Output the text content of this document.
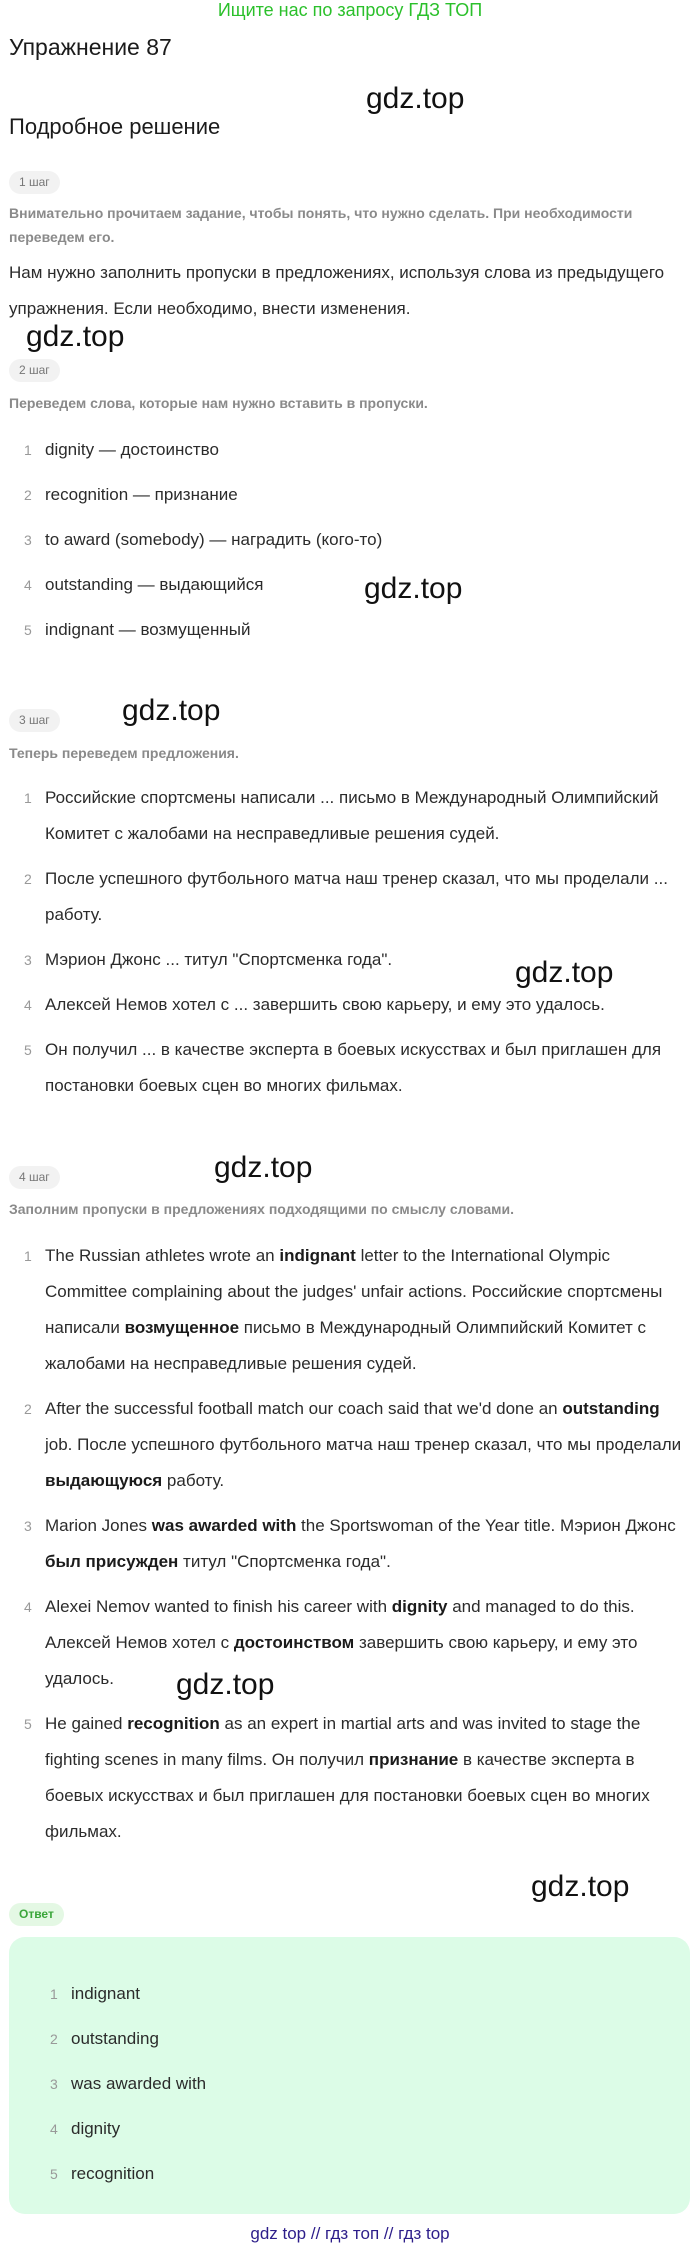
Ищите нас по запросу ГДЗ ТОП
Упражнение 87
Подробное решение
gdz.top
gdz.top
gdz.top
gdz.top
gdz.top
gdz.top
gdz.top
gdz.top
1 шаг
Внимательно прочитаем задание, чтобы понять, что нужно сделать. При необходимости переведем его.
Нам нужно заполнить пропуски в предложениях, используя слова из предыдущего упражнения. Если необходимо, внести изменения.
2 шаг
Переведем слова, которые нам нужно вставить в пропуски.
1 dignity — достоинство
2 recognition — признание
3 to award (somebody) — наградить (кого-то)
4 outstanding — выдающийся
5 indignant — возмущенный
3 шаг
Теперь переведем предложения.
1 Российские спортсмены написали ... письмо в Международный Олимпийский Комитет с жалобами на несправедливые решения судей.
2 После успешного футбольного матча наш тренер сказал, что мы проделали ... работу.
3 Мэрион Джонс ... титул "Спортсменка года".
4 Алексей Немов хотел с ... завершить свою карьеру, и ему это удалось.
5 Он получил ... в качестве эксперта в боевых искусствах и был приглашен для постановки боевых сцен во многих фильмах.
4 шаг
Заполним пропуски в предложениях подходящими по смыслу словами.
1 The Russian athletes wrote an indignant letter to the International Olympic Committee complaining about the judges' unfair actions. Российские спортсмены написали возмущенное письмо в Международный Олимпийский Комитет с жалобами на несправедливые решения судей.
2 After the successful football match our coach said that we'd done an outstanding job. После успешного футбольного матча наш тренер сказал, что мы проделали выдающуюся работу.
3 Marion Jones was awarded with the Sportswoman of the Year title. Мэрион Джонс был присужден титул "Спортсменка года".
4 Alexei Nemov wanted to finish his career with dignity and managed to do this. Алексей Немов хотел с достоинством завершить свою карьеру, и ему это удалось.
5 He gained recognition as an expert in martial arts and was invited to stage the fighting scenes in many films. Он получил признание в качестве эксперта в боевых искусствах и был приглашен для постановки боевых сцен во многих фильмах.
Ответ
1 indignant
2 outstanding
3 was awarded with
4 dignity
5 recognition
gdz top // гдз топ // гдз top
